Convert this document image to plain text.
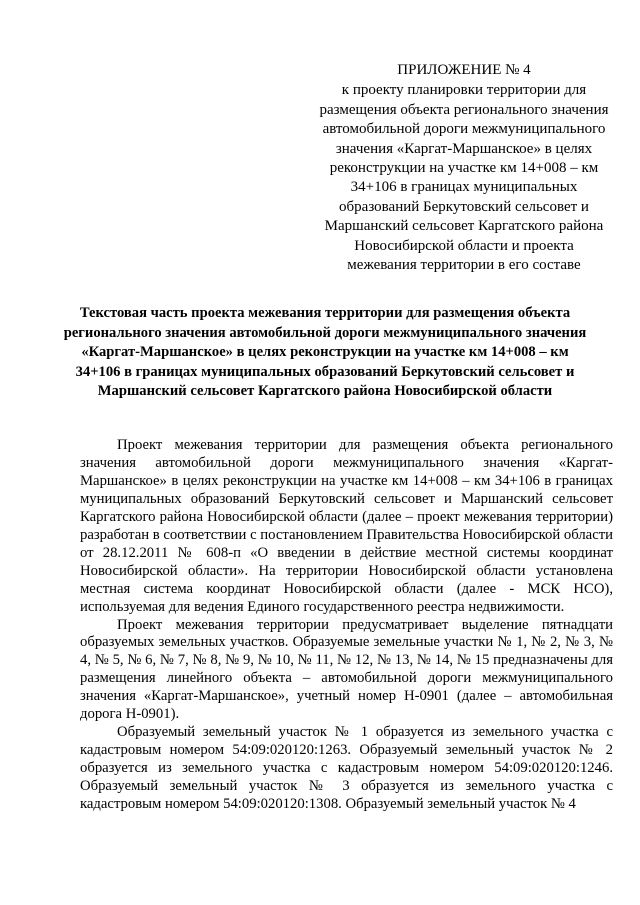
ПРИЛОЖЕНИЕ № 4
к проекту планировки территории для размещения объекта регионального значения автомобильной дороги межмуниципального значения «Каргат-Маршанское» в целях реконструкции на участке км 14+008 – км 34+106 в границах муниципальных образований Беркутовский сельсовет и Маршанский сельсовет Каргатского района Новосибирской области и проекта межевания территории в его составе
Текстовая часть проекта межевания территории для размещения объекта регионального значения автомобильной дороги межмуниципального значения «Каргат-Маршанское» в целях реконструкции на участке км 14+008 – км 34+106 в границах муниципальных образований Беркутовский сельсовет и Маршанский сельсовет Каргатского района Новосибирской области

Проект межевания территории для размещения объекта регионального значения автомобильной дороги межмуниципального значения «Каргат-Маршанское» в целях реконструкции на участке км 14+008 – км 34+106 в границах муниципальных образований Беркутовский сельсовет и Маршанский сельсовет Каргатского района Новосибирской области (далее – проект межевания территории) разработан в соответствии с постановлением Правительства Новосибирской области от 28.12.2011 № 608-п «О введении в действие местной системы координат Новосибирской области». На территории Новосибирской области установлена местная система координат Новосибирской области (далее - МСК НСО), используемая для ведения Единого государственного реестра недвижимости.

Проект межевания территории предусматривает выделение пятнадцати образуемых земельных участков. Образуемые земельные участки № 1, № 2, № 3, № 4, № 5, № 6, № 7, № 8, № 9, № 10, № 11, № 12, № 13, № 14, № 15 предназначены для размещения линейного объекта – автомобильной дороги межмуниципального значения «Каргат-Маршанское», учетный номер Н-0901 (далее – автомобильная дорога Н-0901).

Образуемый земельный участок № 1 образуется из земельного участка с кадастровым номером 54:09:020120:1263. Образуемый земельный участок № 2 образуется из земельного участка с кадастровым номером 54:09:020120:1246. Образуемый земельный участок № 3 образуется из земельного участка с кадастровым номером 54:09:020120:1308. Образуемый земельный участок № 4
